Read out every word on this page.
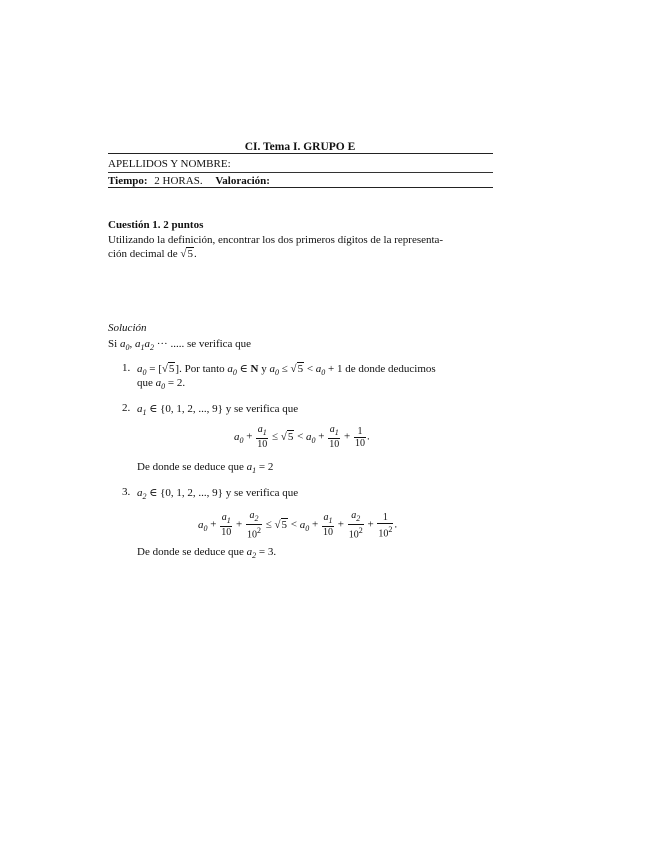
CI. Tema I. GRUPO E
APELLIDOS Y NOMBRE:
Tiempo: 2 HORAS. Valoración:
Cuestión 1. 2 puntos
Utilizando la definición, encontrar los dos primeros dígitos de la representa-
ción decimal de √5.
Solución
Si $a_0$, $a_1a_2$ ··· ..... se verifica que
1. $a_0 = [√5]$. Por tanto $a_0$ ∈ N y $a_0 \le √5 < a_0 + 1$ de donde deducimos
que $a_0 = 2$.
2. $a_1$ ∈ {0, 1, 2, ..., 9} y se verifica que
$a_0 + \frac{a_1}{10} \le √5 < a_0 + \frac{a_1}{10} + \frac{1}{10}$ .
De donde se deduce que $a_1 = 2$
3. $a_2$ ∈ {0, 1, 2, ..., 9} y se verifica que
$a_0 + \frac{a_1}{10} + \frac{a_2}{10^2} \le √5 < a_0 + \frac{a_1}{10} + \frac{a_2}{10^2} + \frac{1}{10^2}$ .
De donde se deduce que $a_2 = 3$.
